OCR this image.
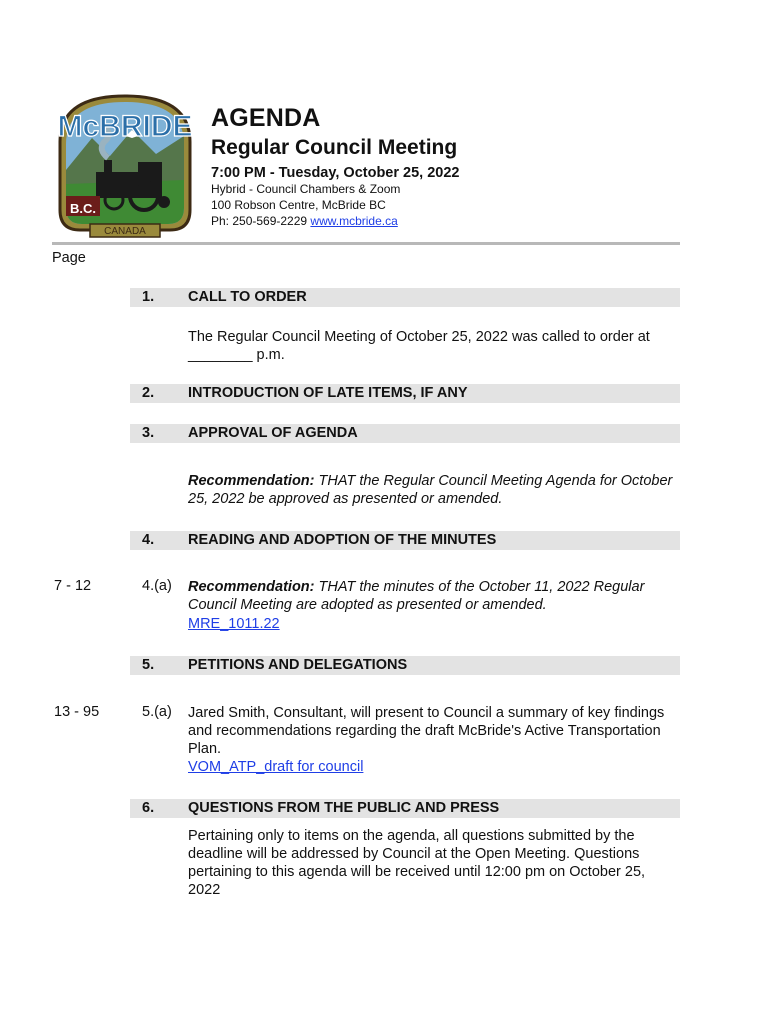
McBRIDE
B.C.
CANADA
AGENDA
Regular Council Meeting
7:00 PM - Tuesday, October 25, 2022
Hybrid - Council Chambers & Zoom
100 Robson Centre, McBride BC
Ph: 250-569-2229 www.mcbride.ca
Page
1. CALL TO ORDER
The Regular Council Meeting of October 25, 2022 was called to order at ________ p.m.
2. INTRODUCTION OF LATE ITEMS, IF ANY
3. APPROVAL OF AGENDA
Recommendation: THAT the Regular Council Meeting Agenda for October 25, 2022 be approved as presented or amended.
4. READING AND ADOPTION OF THE MINUTES
7 - 12	4.(a) Recommendation: THAT the minutes of the October 11, 2022 Regular Council Meeting are adopted as presented or amended.
MRE_1011.22
5. PETITIONS AND DELEGATIONS
13 - 95	5.(a) Jared Smith, Consultant, will present to Council a summary of key findings and recommendations regarding the draft McBride's Active Transportation Plan.
VOM_ATP_draft for council
6. QUESTIONS FROM THE PUBLIC AND PRESS
Pertaining only to items on the agenda, all questions submitted by the deadline will be addressed by Council at the Open Meeting. Questions pertaining to this agenda will be received until 12:00 pm on October 25, 2022
